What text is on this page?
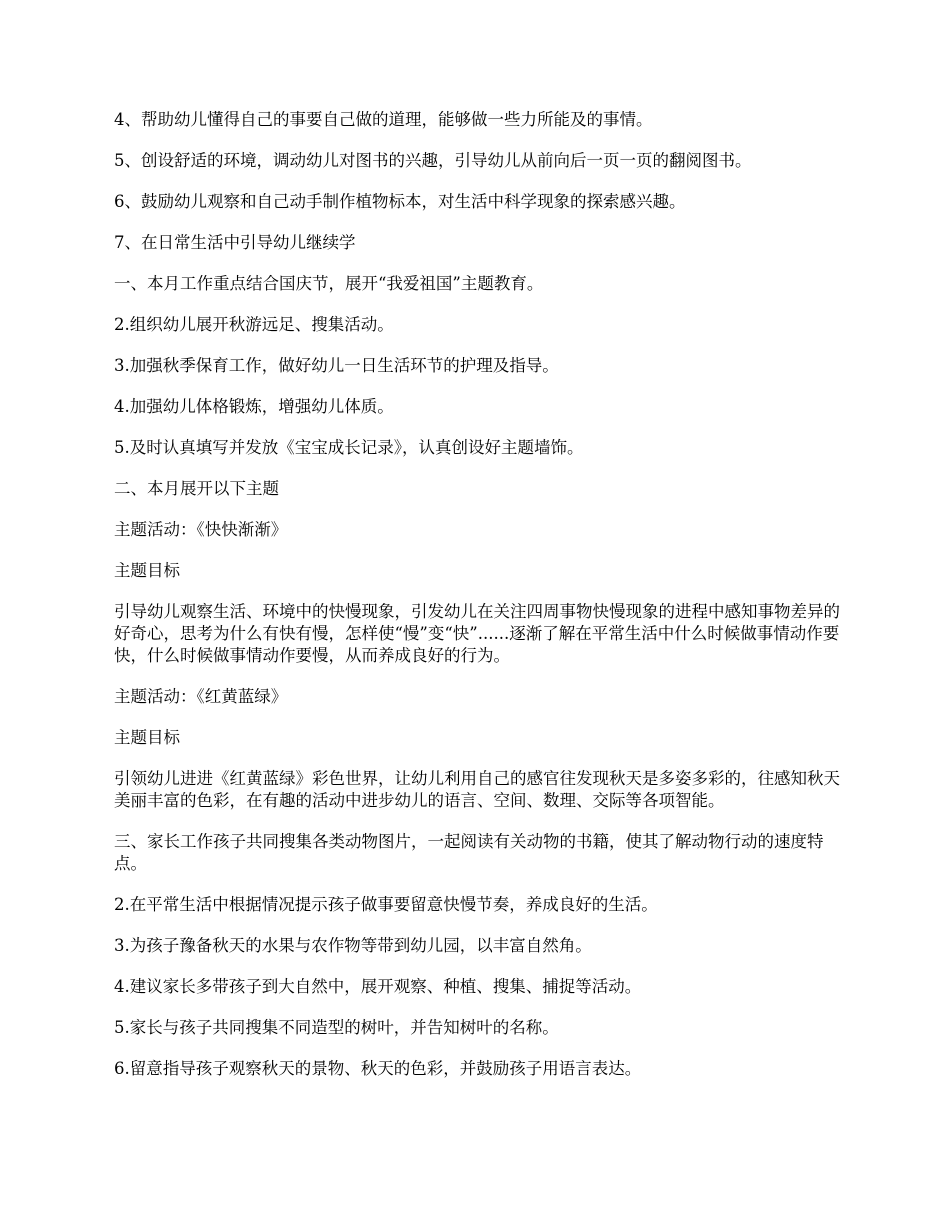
4、帮助幼儿懂得自己的事要自己做的道理，能够做一些力所能及的事情。

5、创设舒适的环境，调动幼儿对图书的兴趣，引导幼儿从前向后一页一页的翻阅图书。

6、鼓励幼儿观察和自己动手制作植物标本，对生活中科学现象的探索感兴趣。

7、在日常生活中引导幼儿继续学

一、本月工作重点结合国庆节，展开“我爱祖国”主题教育。

2.组织幼儿展开秋游远足、搜集活动。

3.加强秋季保育工作，做好幼儿一日生活环节的护理及指导。

4.加强幼儿体格锻炼，增强幼儿体质。

5.及时认真填写并发放《宝宝成长记录》，认真创设好主题墙饰。

二、本月展开以下主题

主题活动：《快快渐渐》

主题目标

引导幼儿观察生活、环境中的快慢现象，引发幼儿在关注四周事物快慢现象的进程中感知事物差异的好奇心，思考为什么有快有慢，怎样使“慢”变“快”......逐渐了解在平常生活中什么时候做事情动作要快，什么时候做事情动作要慢，从而养成良好的行为。

主题活动：《红黄蓝绿》

主题目标

引领幼儿进进《红黄蓝绿》彩色世界，让幼儿利用自己的感官往发现秋天是多姿多彩的，往感知秋天美丽丰富的色彩，在有趣的活动中进步幼儿的语言、空间、数理、交际等各项智能。

三、家长工作孩子共同搜集各类动物图片，一起阅读有关动物的书籍，使其了解动物行动的速度特点。

2.在平常生活中根据情况提示孩子做事要留意快慢节奏，养成良好的生活。

3.为孩子豫备秋天的水果与农作物等带到幼儿园，以丰富自然角。

4.建议家长多带孩子到大自然中，展开观察、种植、搜集、捕捉等活动。

5.家长与孩子共同搜集不同造型的树叶，并告知树叶的名称。

6.留意指导孩子观察秋天的景物、秋天的色彩，并鼓励孩子用语言表达。
